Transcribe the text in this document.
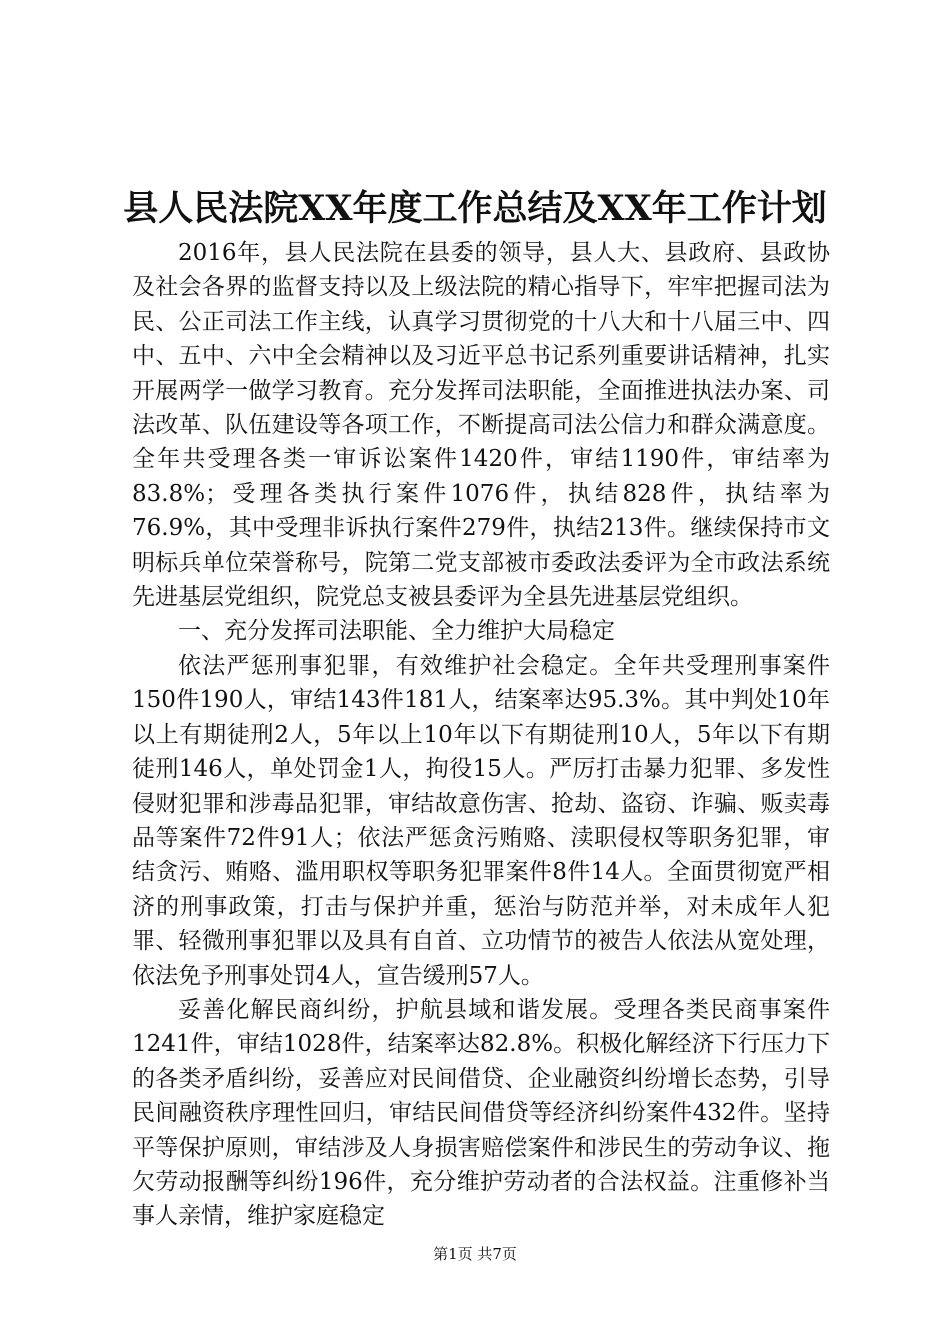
县人民法院XX年度工作总结及XX年工作计划

2016年，县人民法院在县委的领导，县人大、县政府、县政协及社会各界的监督支持以及上级法院的精心指导下，牢牢把握司法为民、公正司法工作主线，认真学习贯彻党的十八大和十八届三中、四中、五中、六中全会精神以及习近平总书记系列重要讲话精神，扎实开展两学一做学习教育。充分发挥司法职能，全面推进执法办案、司法改革、队伍建设等各项工作，不断提高司法公信力和群众满意度。全年共受理各类一审诉讼案件1420件，审结1190件，审结率为83.8%；受理各类执行案件1076件，执结828件，执结率为76.9%，其中受理非诉执行案件279件，执结213件。继续保持市文明标兵单位荣誉称号，院第二党支部被市委政法委评为全市政法系统先进基层党组织，院党总支被县委评为全县先进基层党组织。

一、充分发挥司法职能、全力维护大局稳定

依法严惩刑事犯罪，有效维护社会稳定。全年共受理刑事案件150件190人，审结143件181人，结案率达95.3%。其中判处10年以上有期徒刑2人，5年以上10年以下有期徒刑10人，5年以下有期徒刑146人，单处罚金1人，拘役15人。严厉打击暴力犯罪、多发性侵财犯罪和涉毒品犯罪，审结故意伤害、抢劫、盗窃、诈骗、贩卖毒品等案件72件91人；依法严惩贪污贿赂、渎职侵权等职务犯罪，审结贪污、贿赂、滥用职权等职务犯罪案件8件14人。全面贯彻宽严相济的刑事政策，打击与保护并重，惩治与防范并举，对未成年人犯罪、轻微刑事犯罪以及具有自首、立功情节的被告人依法从宽处理，依法免予刑事处罚4人，宣告缓刑57人。

妥善化解民商纠纷，护航县域和谐发展。受理各类民商事案件1241件，审结1028件，结案率达82.8%。积极化解经济下行压力下的各类矛盾纠纷，妥善应对民间借贷、企业融资纠纷增长态势，引导民间融资秩序理性回归，审结民间借贷等经济纠纷案件432件。坚持平等保护原则，审结涉及人身损害赔偿案件和涉民生的劳动争议、拖欠劳动报酬等纠纷196件，充分维护劳动者的合法权益。注重修补当事人亲情，维护家庭稳定

第1页 共7页
